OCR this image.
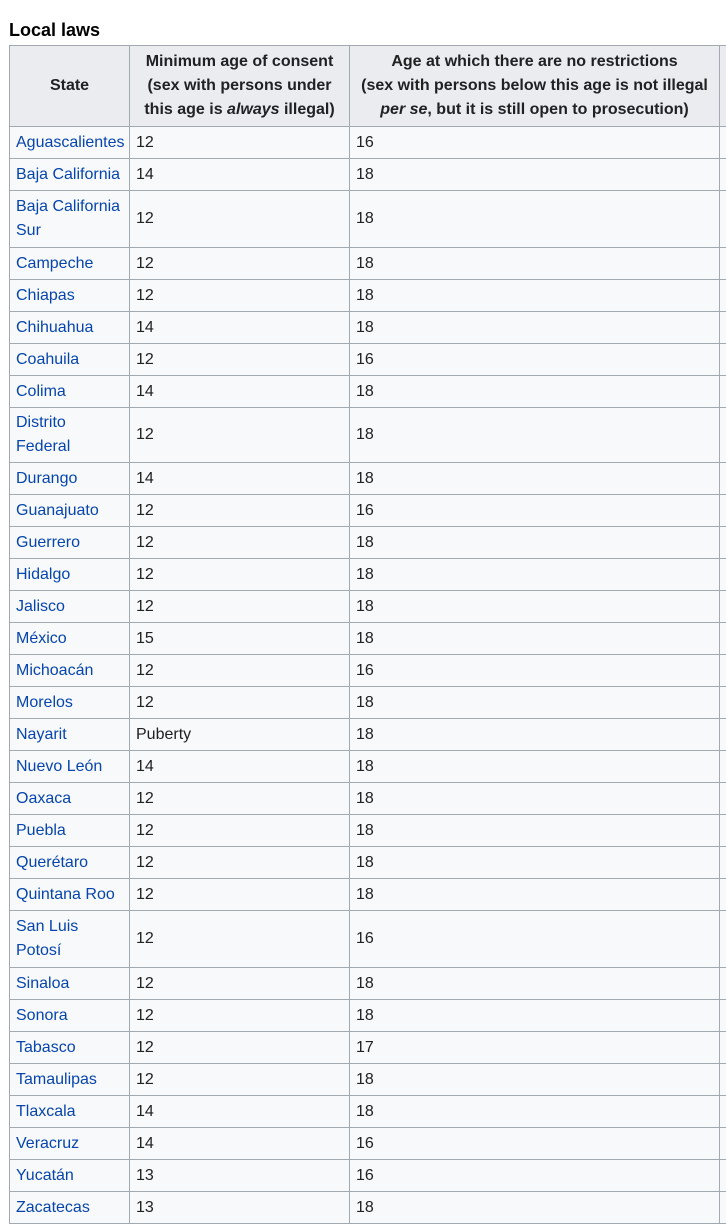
Local laws
State	Minimum age of consent
(sex with persons under
this age is always illegal)	Age at which there are no restrictions
(sex with persons below this age is not illegal
per se, but it is still open to prosecution)	
Aguascalientes	12	16	
Baja California	14	18	
Baja California Sur	12	18	
Campeche	12	18	
Chiapas	12	18	
Chihuahua	14	18	
Coahuila	12	16	
Colima	14	18	
Distrito Federal	12	18	
Durango	14	18	
Guanajuato	12	16	
Guerrero	12	18	
Hidalgo	12	18	
Jalisco	12	18	
México	15	18	
Michoacán	12	16	
Morelos	12	18	
Nayarit	Puberty	18	
Nuevo León	14	18	
Oaxaca	12	18	
Puebla	12	18	
Querétaro	12	18	
Quintana Roo	12	18	
San Luis Potosí	12	16	
Sinaloa	12	18	
Sonora	12	18	
Tabasco	12	17	
Tamaulipas	12	18	
Tlaxcala	14	18	
Veracruz	14	16	
Yucatán	13	16	
Zacatecas	13	18	
